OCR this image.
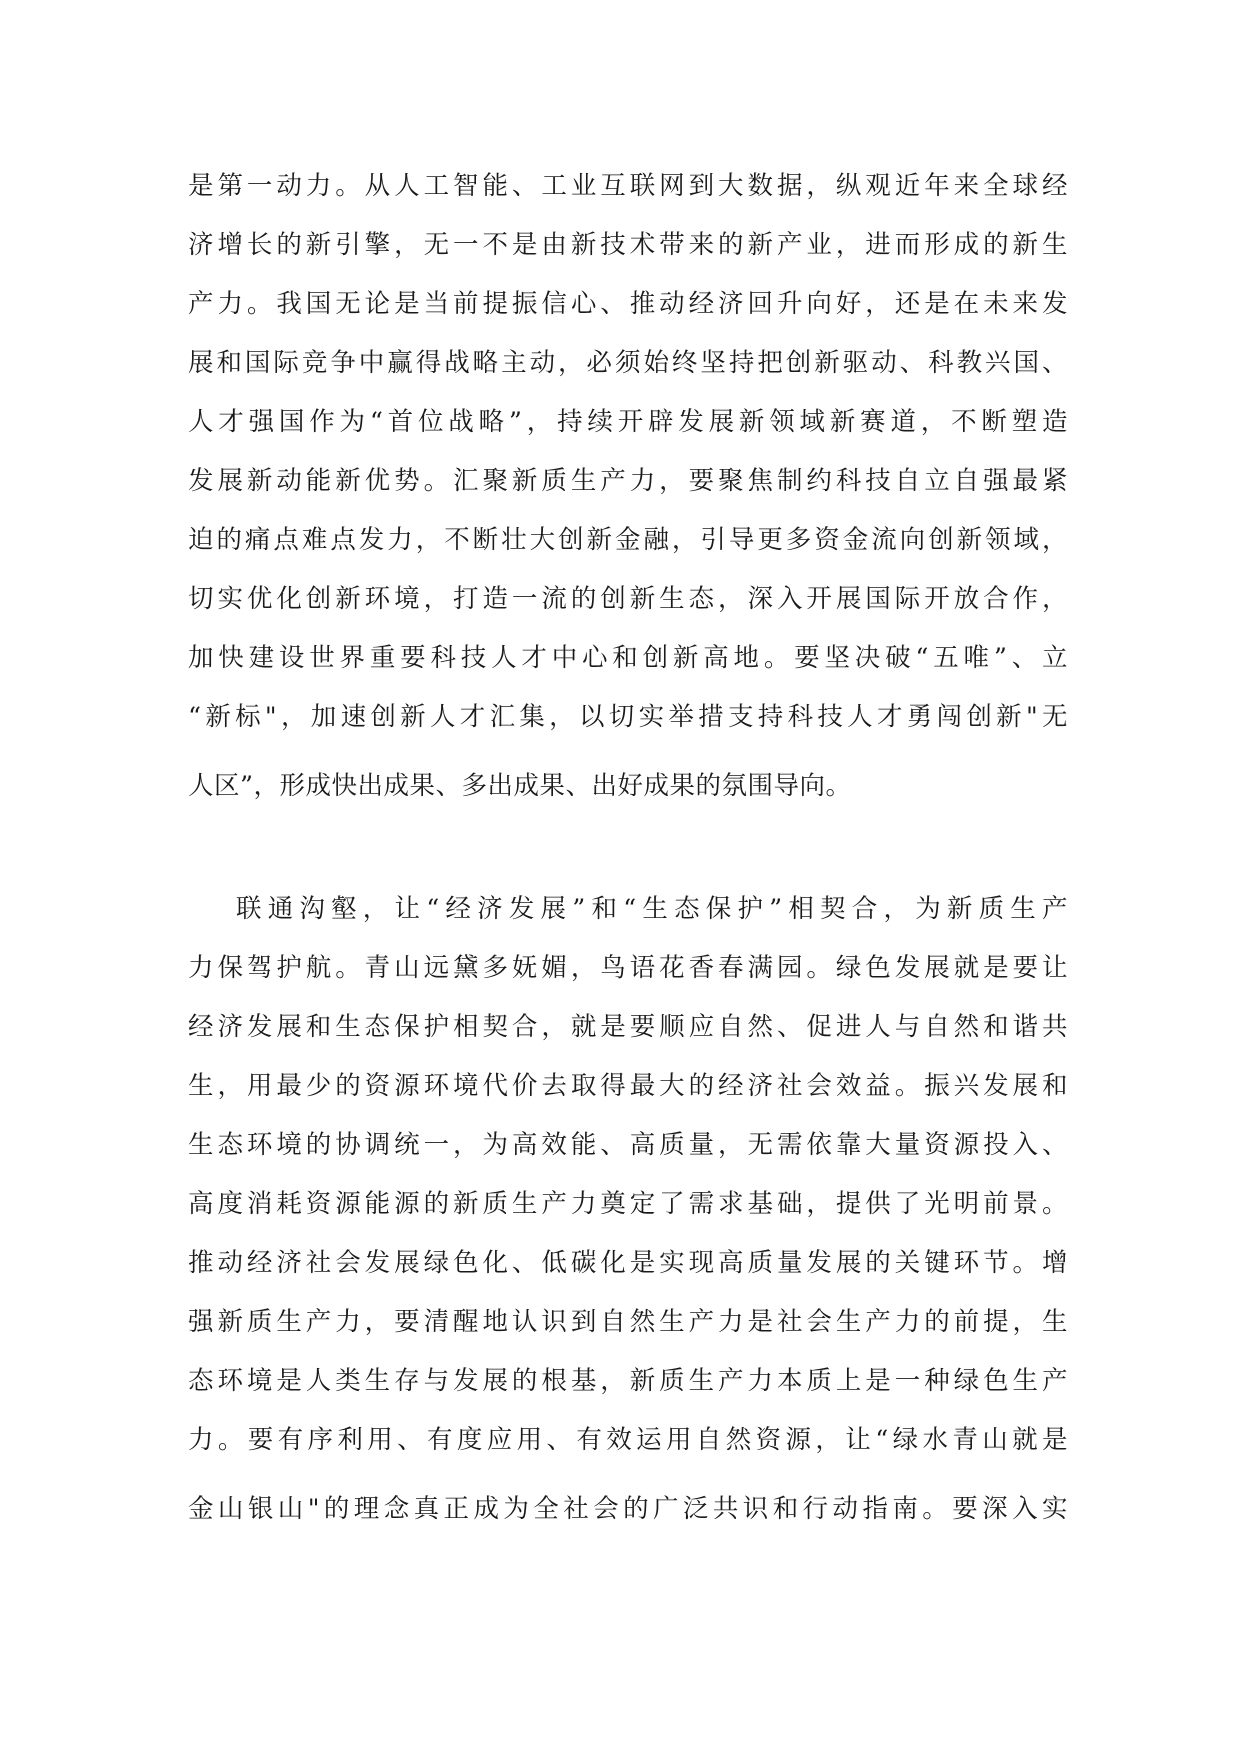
是第一动力。从人工智能、工业互联网到大数据，纵观近年来全球经
济增长的新引擎，无一不是由新技术带来的新产业，进而形成的新生
产力。我国无论是当前提振信心、推动经济回升向好，还是在未来发
展和国际竞争中赢得战略主动，必须始终坚持把创新驱动、科教兴国、
人才强国作为“首位战略”，持续开辟发展新领域新赛道，不断塑造
发展新动能新优势。汇聚新质生产力，要聚焦制约科技自立自强最紧
迫的痛点难点发力，不断壮大创新金融，引导更多资金流向创新领域，
切实优化创新环境，打造一流的创新生态，深入开展国际开放合作，
加快建设世界重要科技人才中心和创新高地。要坚决破“五唯”、立
“新标"，加速创新人才汇集，以切实举措支持科技人才勇闯创新"无
人区”，形成快出成果、多出成果、出好成果的氛围导向。
联通沟壑，让“经济发展”和“生态保护”相契合，为新质生产
力保驾护航。青山远黛多妩媚，鸟语花香春满园。绿色发展就是要让
经济发展和生态保护相契合，就是要顺应自然、促进人与自然和谐共
生，用最少的资源环境代价去取得最大的经济社会效益。振兴发展和
生态环境的协调统一，为高效能、高质量，无需依靠大量资源投入、
高度消耗资源能源的新质生产力奠定了需求基础，提供了光明前景。
推动经济社会发展绿色化、低碳化是实现高质量发展的关键环节。增
强新质生产力，要清醒地认识到自然生产力是社会生产力的前提，生
态环境是人类生存与发展的根基，新质生产力本质上是一种绿色生产
力。要有序利用、有度应用、有效运用自然资源，让“绿水青山就是
金山银山"的理念真正成为全社会的广泛共识和行动指南。要深入实
